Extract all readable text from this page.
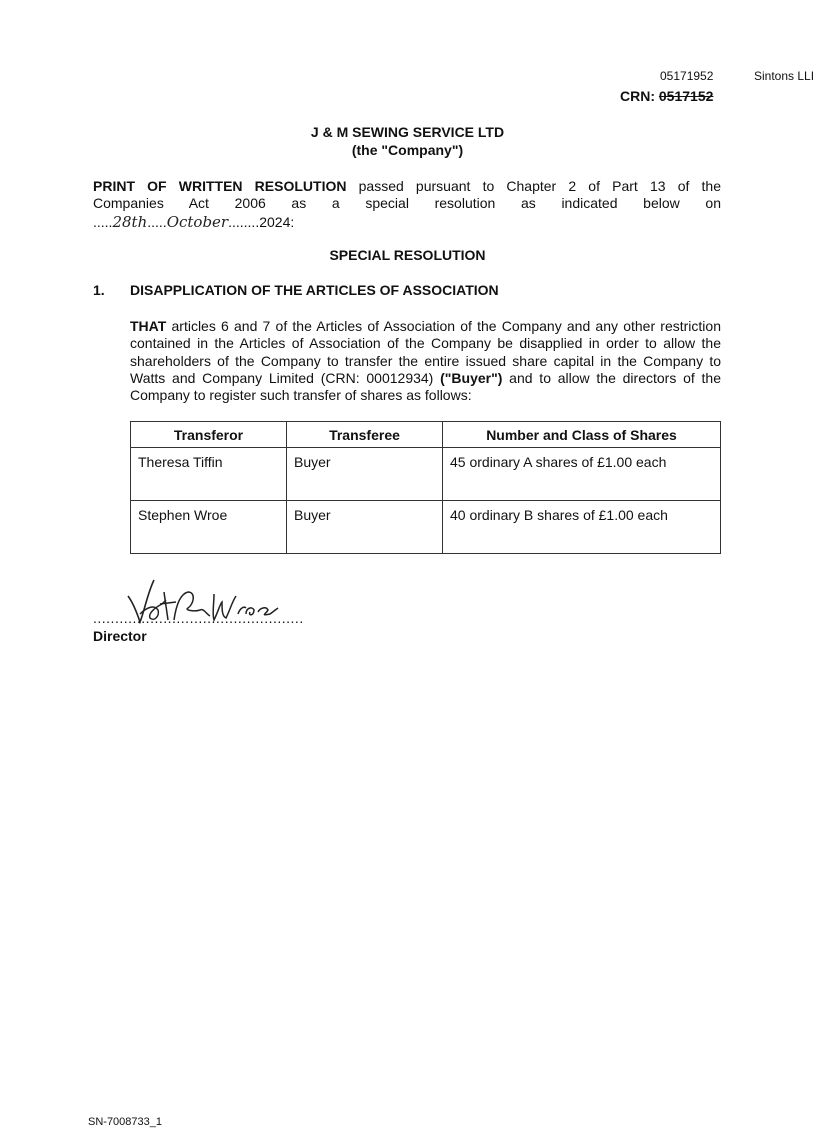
05171952	Sintons LLI
CRN: 0517152
J & M SEWING SERVICE LTD
(the "Company")
PRINT OF WRITTEN RESOLUTION passed pursuant to Chapter 2 of Part 13 of the
Companies Act 2006 as a special resolution as indicated below on
.....28th.....October........2024:
SPECIAL RESOLUTION
1. DISAPPLICATION OF THE ARTICLES OF ASSOCIATION
THAT articles 6 and 7 of the Articles of Association of the Company and any other restriction contained in the Articles of Association of the Company be disapplied in order to allow the shareholders of the Company to transfer the entire issued share capital in the Company to Watts and Company Limited (CRN: 00012934) ("Buyer") and to allow the directors of the Company to register such transfer of shares as follows:
Transferor	Transferee	Number and Class of Shares
Theresa Tiffin	Buyer	45 ordinary A shares of £1.00 each
Stephen Wroe	Buyer	40 ordinary B shares of £1.00 each
................................................
Director
SN-7008733_1
